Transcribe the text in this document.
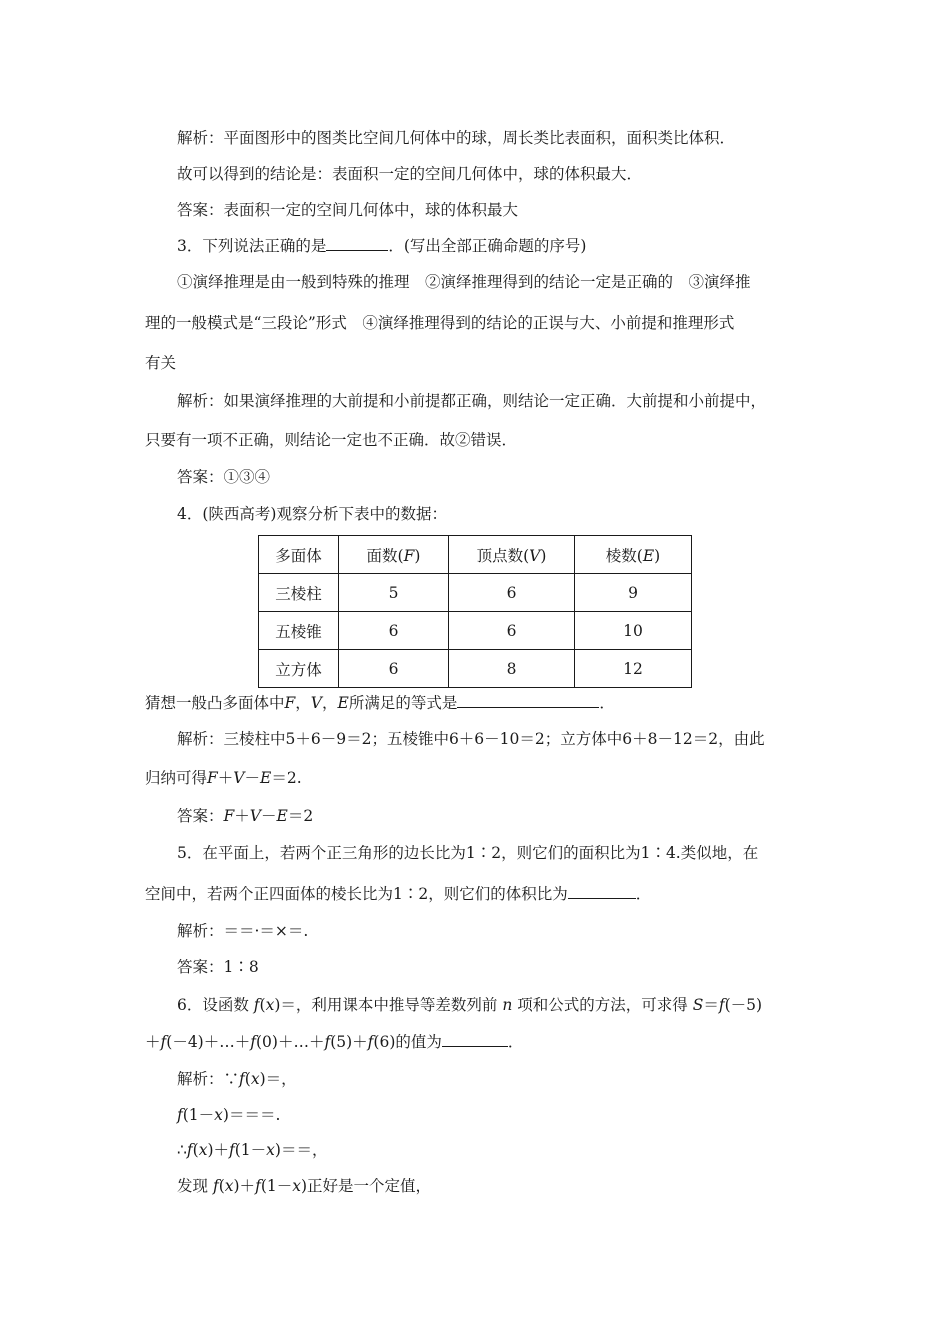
解析：平面图形中的图类比空间几何体中的球，周长类比表面积，面积类比体积．
故可以得到的结论是：表面积一定的空间几何体中，球的体积最大．
答案：表面积一定的空间几何体中，球的体积最大
3．下列说法正确的是	．(写出全部正确命题的序号)
①演绎推理是由一般到特殊的推理　②演绎推理得到的结论一定是正确的　③演绎推
理的一般模式是“三段论”形式　④演绎推理得到的结论的正误与大、小前提和推理形式
有关
解析：如果演绎推理的大前提和小前提都正确，则结论一定正确．大前提和小前提中，
只要有一项不正确，则结论一定也不正确．故②错误．
答案：①③④
4．(陕西高考)观察分析下表中的数据：
多面体	面数(F)	顶点数(V)	棱数(E)
三棱柱	5	6	9
五棱锥	6	6	10
立方体	6	8	12
猜想一般凸多面体中F，V，E所满足的等式是	．
解析：三棱柱中5＋6－9＝2；五棱锥中6＋6－10＝2；立方体中6＋8－12＝2，由此
归纳可得F＋V－E＝2.
答案：F＋V－E＝2
5．在平面上，若两个正三角形的边长比为1∶2，则它们的面积比为1∶4.类似地，在
空间中，若两个正四面体的棱长比为1∶2，则它们的体积比为	．
解析：＝＝·＝×＝.
答案：1∶8
6．设函数 f(x)＝，利用课本中推导等差数列前 n 项和公式的方法，可求得 S＝f(－5)
＋f(－4)＋…＋f(0)＋…＋f(5)＋f(6)的值为	．
解析：∵f(x)＝，
f(1－x)＝＝＝.
∴f(x)＋f(1－x)＝＝，
发现 f(x)＋f(1－x)正好是一个定值，
